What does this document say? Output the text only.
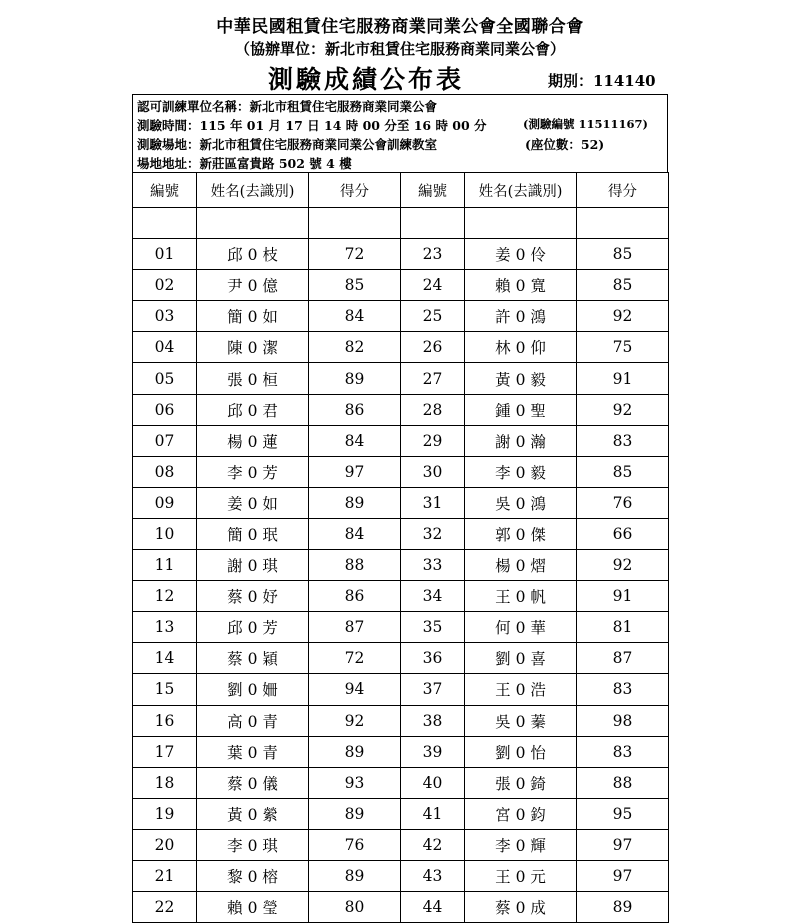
中華民國租賃住宅服務商業同業公會全國聯合會
（協辦單位：新北市租賃住宅服務商業同業公會）
測驗成績公布表	期別：114140
認可訓練單位名稱：新北市租賃住宅服務商業同業公會
測驗時間：115 年 01 月 17 日 14 時 00 分至 16 時 00 分	(測驗編號 11511167)
測驗場地：新北市租賃住宅服務商業同業公會訓練教室	(座位數：52)
場地地址：新莊區富貴路 502 號 4 樓
編號	姓名(去識別)	得分	編號	姓名(去識別)	得分

01	邱 0 枝	72	23	姜 0 伶	85
02	尹 0 億	85	24	賴 0 寬	85
03	簡 0 如	84	25	許 0 鴻	92
04	陳 0 潔	82	26	林 0 仰	75
05	張 0 桓	89	27	黃 0 毅	91
06	邱 0 君	86	28	鍾 0 聖	92
07	楊 0 蓮	84	29	謝 0 瀚	83
08	李 0 芳	97	30	李 0 毅	85
09	姜 0 如	89	31	吳 0 鴻	76
10	簡 0 珉	84	32	郭 0 傑	66
11	謝 0 琪	88	33	楊 0 熠	92
12	蔡 0 妤	86	34	王 0 帆	91
13	邱 0 芳	87	35	何 0 華	81
14	蔡 0 穎	72	36	劉 0 喜	87
15	劉 0 姍	94	37	王 0 浩	83
16	高 0 青	92	38	吳 0 蓁	98
17	葉 0 青	89	39	劉 0 怡	83
18	蔡 0 儀	93	40	張 0 錡	88
19	黃 0 縈	89	41	宮 0 鈞	95
20	李 0 琪	76	42	李 0 輝	97
21	黎 0 榕	89	43	王 0 元	97
22	賴 0 瑩	80	44	蔡 0 成	89
